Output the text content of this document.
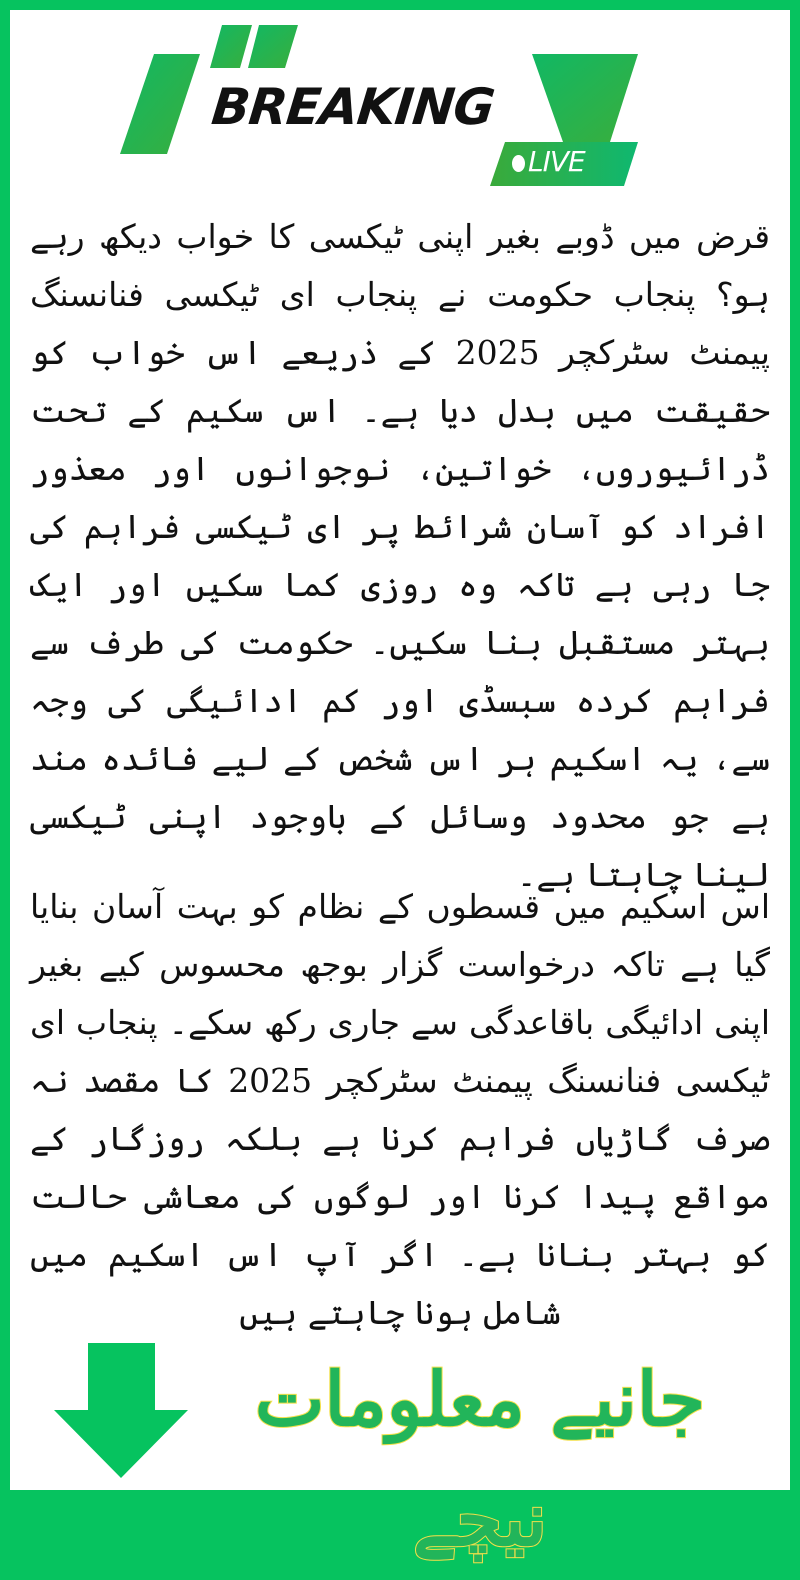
BREAKING
LIVE
قرض میں ڈوبے بغیر اپنی ٹیکسی کا خواب دیکھ رہے ہو؟ پنجاب حکومت نے پنجاب ای ٹیکسی فنانسنگ پیمنٹ سٹرکچر 2025 کے ذریعے اس خواب کو حقیقت میں بدل دیا ہے۔ اس سکیم کے تحت ڈرائیوروں، خواتین، نوجوانوں اور معذور افراد کو آسان شرائط پر ای ٹیکسی فراہم کی جا رہی ہے تاکہ وہ روزی کما سکیں اور ایک بہتر مستقبل بنا سکیں۔ حکومت کی طرف سے فراہم کردہ سبسڈی اور کم ادائیگی کی وجہ سے، یہ اسکیم ہر اس شخص کے لیے فائدہ مند ہے جو محدود وسائل کے باوجود اپنی ٹیکسی لینا چاہتا ہے۔
اس اسکیم میں قسطوں کے نظام کو بہت آسان بنایا گیا ہے تاکہ درخواست گزار بوجھ محسوس کیے بغیر اپنی ادائیگی باقاعدگی سے جاری رکھ سکے۔ پنجاب ای ٹیکسی فنانسنگ پیمنٹ سٹرکچر 2025 کا مقصد نہ صرف گاڑیاں فراہم کرنا ہے بلکہ روزگار کے مواقع پیدا کرنا اور لوگوں کی معاشی حالت کو بہتر بنانا ہے۔ اگر آپ اس اسکیم میں شامل ہونا چاہتے ہیں
جانیے معلومات نیچے
